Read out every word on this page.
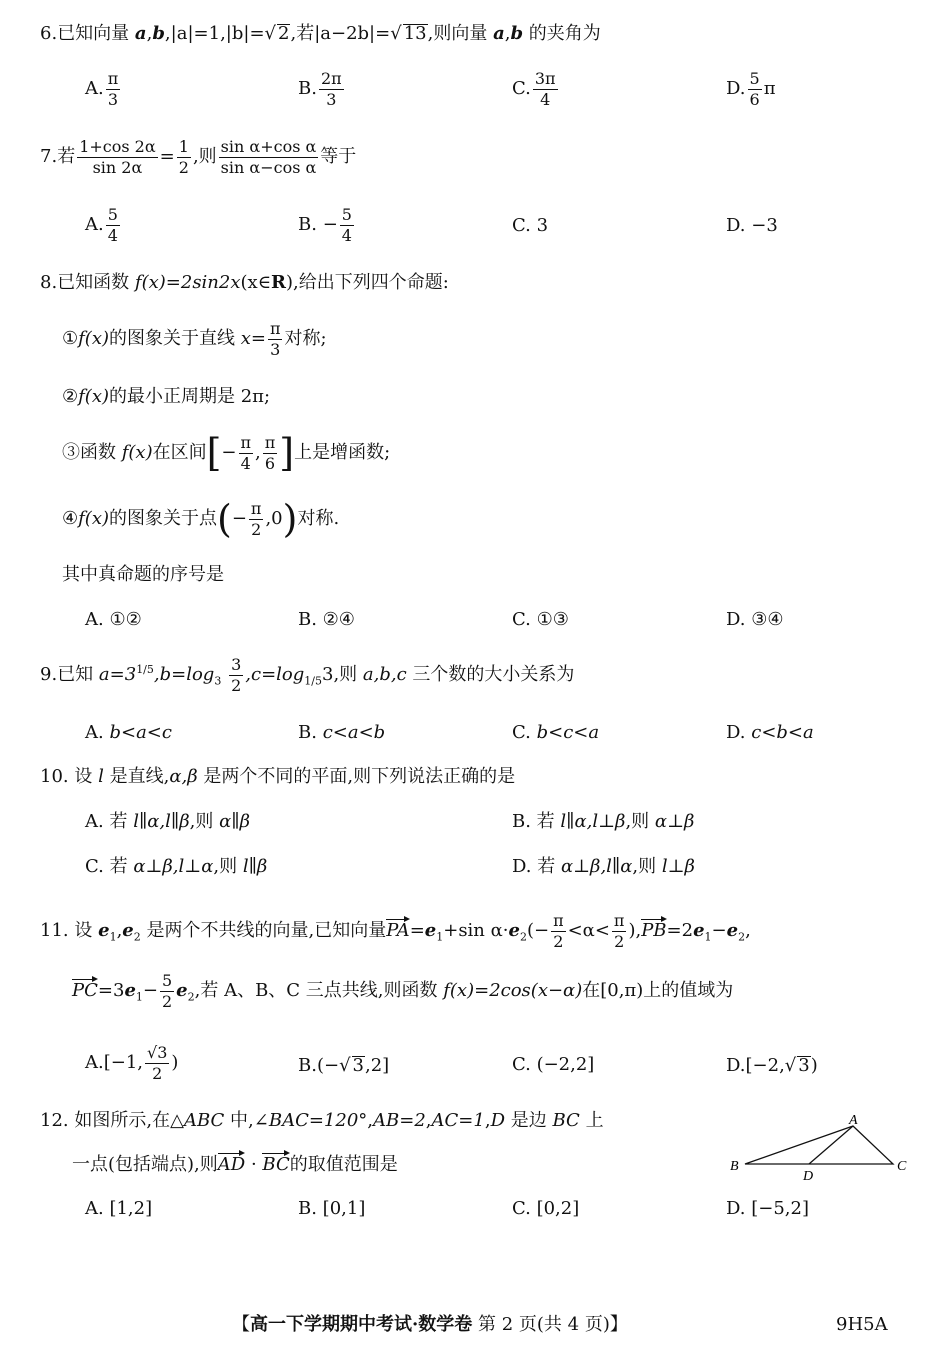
6.已知向量 a,b,|a|=1,|b|=√ 2,若|a−2b|=√ 13,则向量 a,b 的夹角为
A. $\frac{\pi}{3}$	B. $\frac{2\pi}{3}$	C. $\frac{3\pi}{4}$	D. $\frac{5}{6}$ π
7.若 $\frac{1+\cos 2\alpha}{\sin 2\alpha} = \frac{1}{2}$ ,则 $\frac{\text{sin α+cos α}}{\text{sin α−cos α}}$ 等于
A. $\frac{5}{4}$	B. − $\frac{5}{4}$	C. 3	D. −3
8.已知函数 f(x)=2sin2x(x∈R),给出下列四个命题:
①f(x)的图象关于直线 $x= \frac{\pi}{3}$ 对称;
②f(x)的最小正周期是 2π;
③函数 f(x)在区间[− $\frac{\pi}{4}$ , $\frac{\pi}{6}$ ]上是增函数;
④f(x)的图象关于点(− $\frac{\pi}{2} ,0$)对称.
其中真命题的序号是
A. ①②	B. ②④	C. ①③	D. ③④
9.已知 $a=3^{1/5},b=\log_3 \frac{3}{2} ,c=\log_{1/5}3$,则 a,b,c 三个数的大小关系为
A. b<a<c	B. c<a<b	C. b<c<a	D. c<b<a
10. 设 l 是直线,α,β 是两个不同的平面,则下列说法正确的是
A. 若 l∥α,l∥β,则 α∥β	B. 若 l∥α,l⊥β,则 α⊥β
C. 若 α⊥β,l⊥α,则 l∥β	D. 若 α⊥β,l∥α,则 l⊥β
11. 设 $e_1,e_2$ 是两个不共线的向量,已知向量$PA=e_1+\sin$ $\alpha\cdot e_2(- \frac{\pi}{2} <\alpha< \frac{\pi}{2} ),PB=2e_1-e_2$,
$PC=3e_1- \frac{5}{2} e_2$,若 A、B、C 三点共线,则函数 f(x)=2cos(x−α)在[0,π)上的值域为
A.[−1, $\frac{√3}{2}$ )	B.(−√ 3,2]	C. (−2,2]	D.[−2,√ 3)
12. 如图所示,在△ABC 中,∠BAC=120°,AB=2,AC=1,D 是边 BC 上
一点(包括端点),则AD · BC的取值范围是
A. [1,2]	B. [0,1]	C. [0,2]	D. [−5,2]
A
B	C
D
【高一下学期期中考试·数学卷 第 2 页(共 4 页)】	9H5A
